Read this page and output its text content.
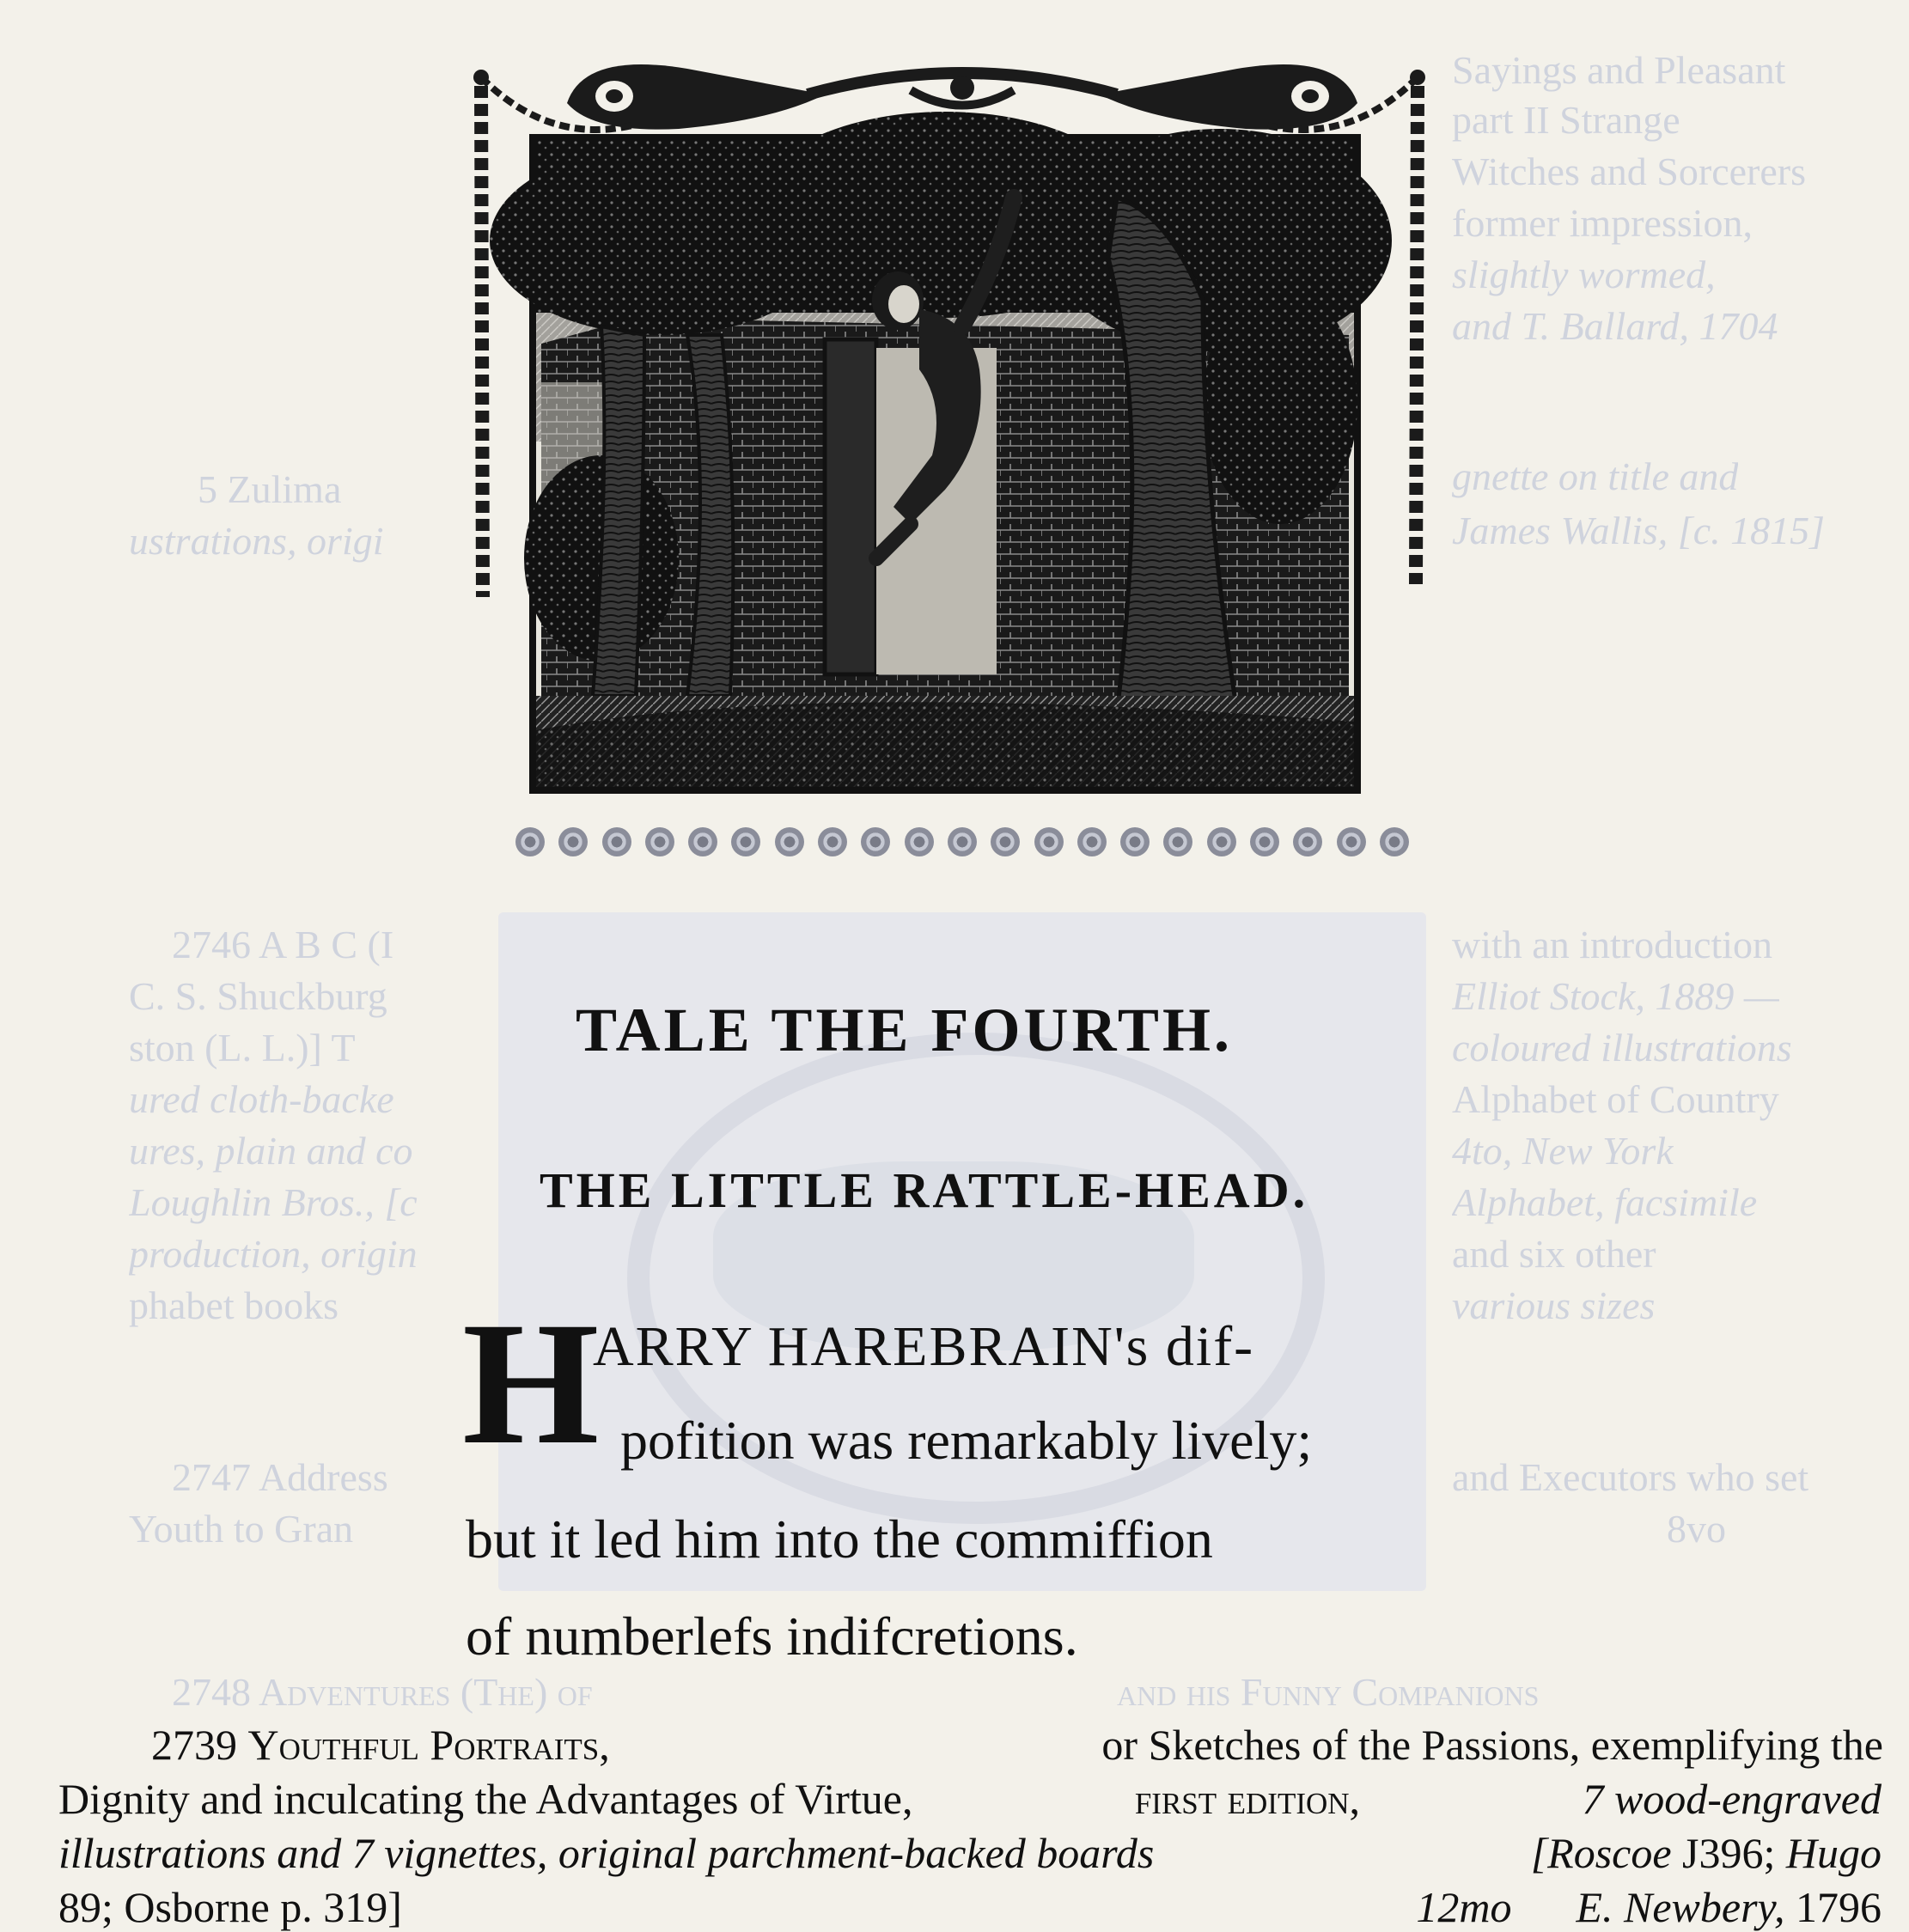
2746 A B C (I
C. S. Shuckburg
ston (L. L.)] T
ured cloth-backe
ures, plain and co
Loughlin Bros., [c
production, origin
phabet books
with an introduction
Elliot Stock, 1889 —
coloured illustrations
Alphabet of Country
4to, New York
Alphabet, facsimile
and six other
various sizes
2747 Address
Youth to Gran
and Executors who set
8vo
2748 Adventures (The) of	and his Funny Companions
gnette on title and
James Wallis, [c. 1815]
Sayings and Pleasant
part II Strange
Witches and Sorcerers
former impression,
slightly wormed,
and T. Ballard, 1704
5 Zulima
ustrations, origi
TALE THE FOURTH.
THE LITTLE RATTLE-HEAD.
H
ARRY HAREBRAIN's dif-
pofition was remarkably lively;
but it led him into the commiffion
of numberlefs indifcretions.
2739 Youthful Portraits,	or Sketches of the Passions, exemplifying the
Dignity and inculcating the Advantages of Virtue,	first edition,	7 wood-engraved
illustrations and 7 vignettes, original parchment-backed boards	[Roscoe J396; Hugo
89; Osborne p. 319]	12mo E. Newbery, 1796
